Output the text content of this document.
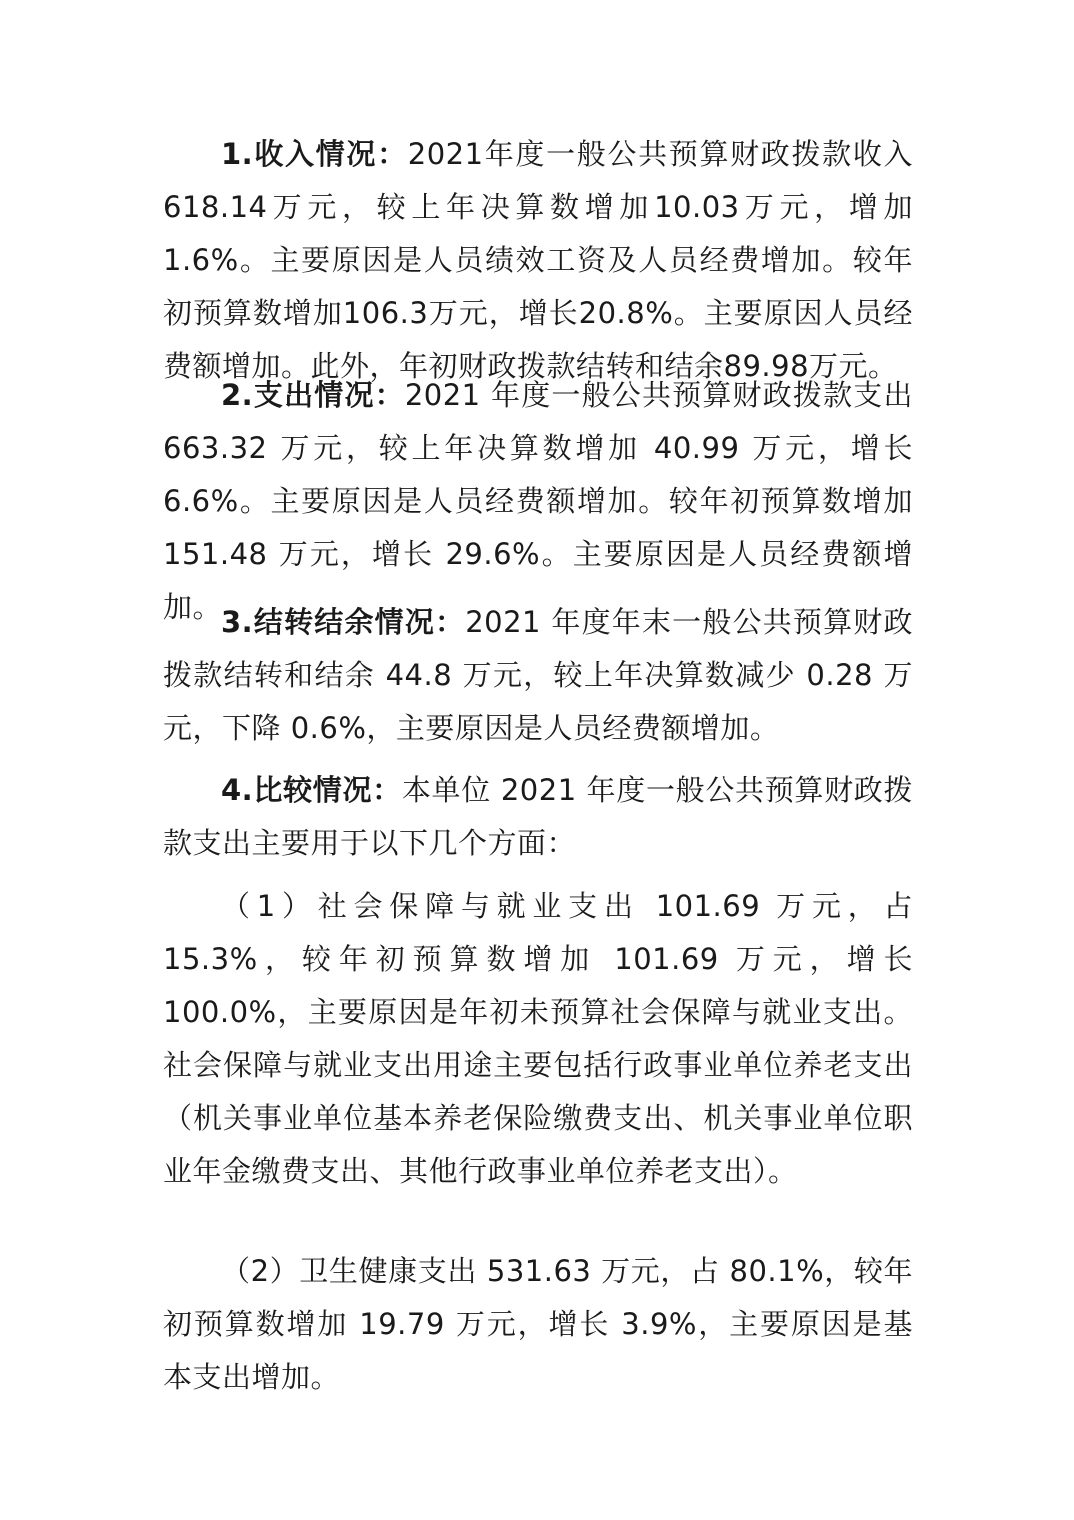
1.收入情况：2021年度一般公共预算财政拨款收入618.14万元，较上年决算数增加10.03万元，增加1.6%。主要原因是人员绩效工资及人员经费增加。较年初预算数增加106.3万元，增长20.8%。主要原因人员经费额增加。此外，年初财政拨款结转和结余89.98万元。

2.支出情况：2021 年度一般公共预算财政拨款支出663.32 万元，较上年决算数增加 40.99 万元，增长 6.6%。主要原因是人员经费额增加。较年初预算数增加 151.48 万元，增长 29.6%。主要原因是人员经费额增加。

3.结转结余情况：2021 年度年末一般公共预算财政拨款结转和结余 44.8 万元，较上年决算数减少 0.28 万元，下降 0.6%，主要原因是人员经费额增加。

4.比较情况：本单位 2021 年度一般公共预算财政拨款支出主要用于以下几个方面：

（1）社会保障与就业支出 101.69 万元，占 15.3%，较年初预算数增加 101.69 万元，增长 100.0%，主要原因是年初未预算社会保障与就业支出。社会保障与就业支出用途主要包括行政事业单位养老支出（机关事业单位基本养老保险缴费支出、机关事业单位职业年金缴费支出、其他行政事业单位养老支出）。

（2）卫生健康支出 531.63 万元，占 80.1%，较年初预算数增加 19.79 万元，增长 3.9%，主要原因是基本支出增加。
